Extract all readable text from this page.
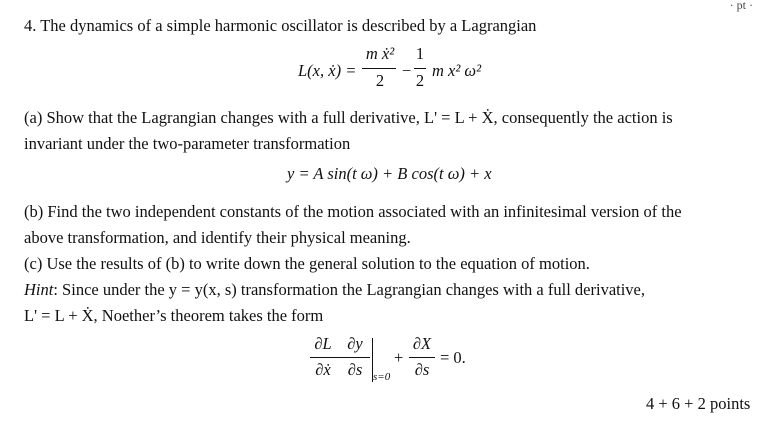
· pt ·
4. The dynamics of a simple harmonic oscillator is described by a Lagrangian
L(x, ẋ) =
m ẋ²
2
−
1
2
m x² ω²
(a) Show that the Lagrangian changes with a full derivative, L' = L + Ẋ, consequently the action is
invariant under the two-parameter transformation
y = A sin(t ω) + B cos(t ω) + x
(b) Find the two independent constants of the motion associated with an infinitesimal version of the
above transformation, and identify their physical meaning.
(c) Use the results of (b) to write down the general solution to the equation of motion.
Hint: Since under the y = y(x, s) transformation the Lagrangian changes with a full derivative,
L' = L + Ẋ, Noether’s theorem takes the form
∂L ∂y
∂ẋ	∂s s=0
+
∂X
∂s
= 0.
4 + 6 + 2 points
